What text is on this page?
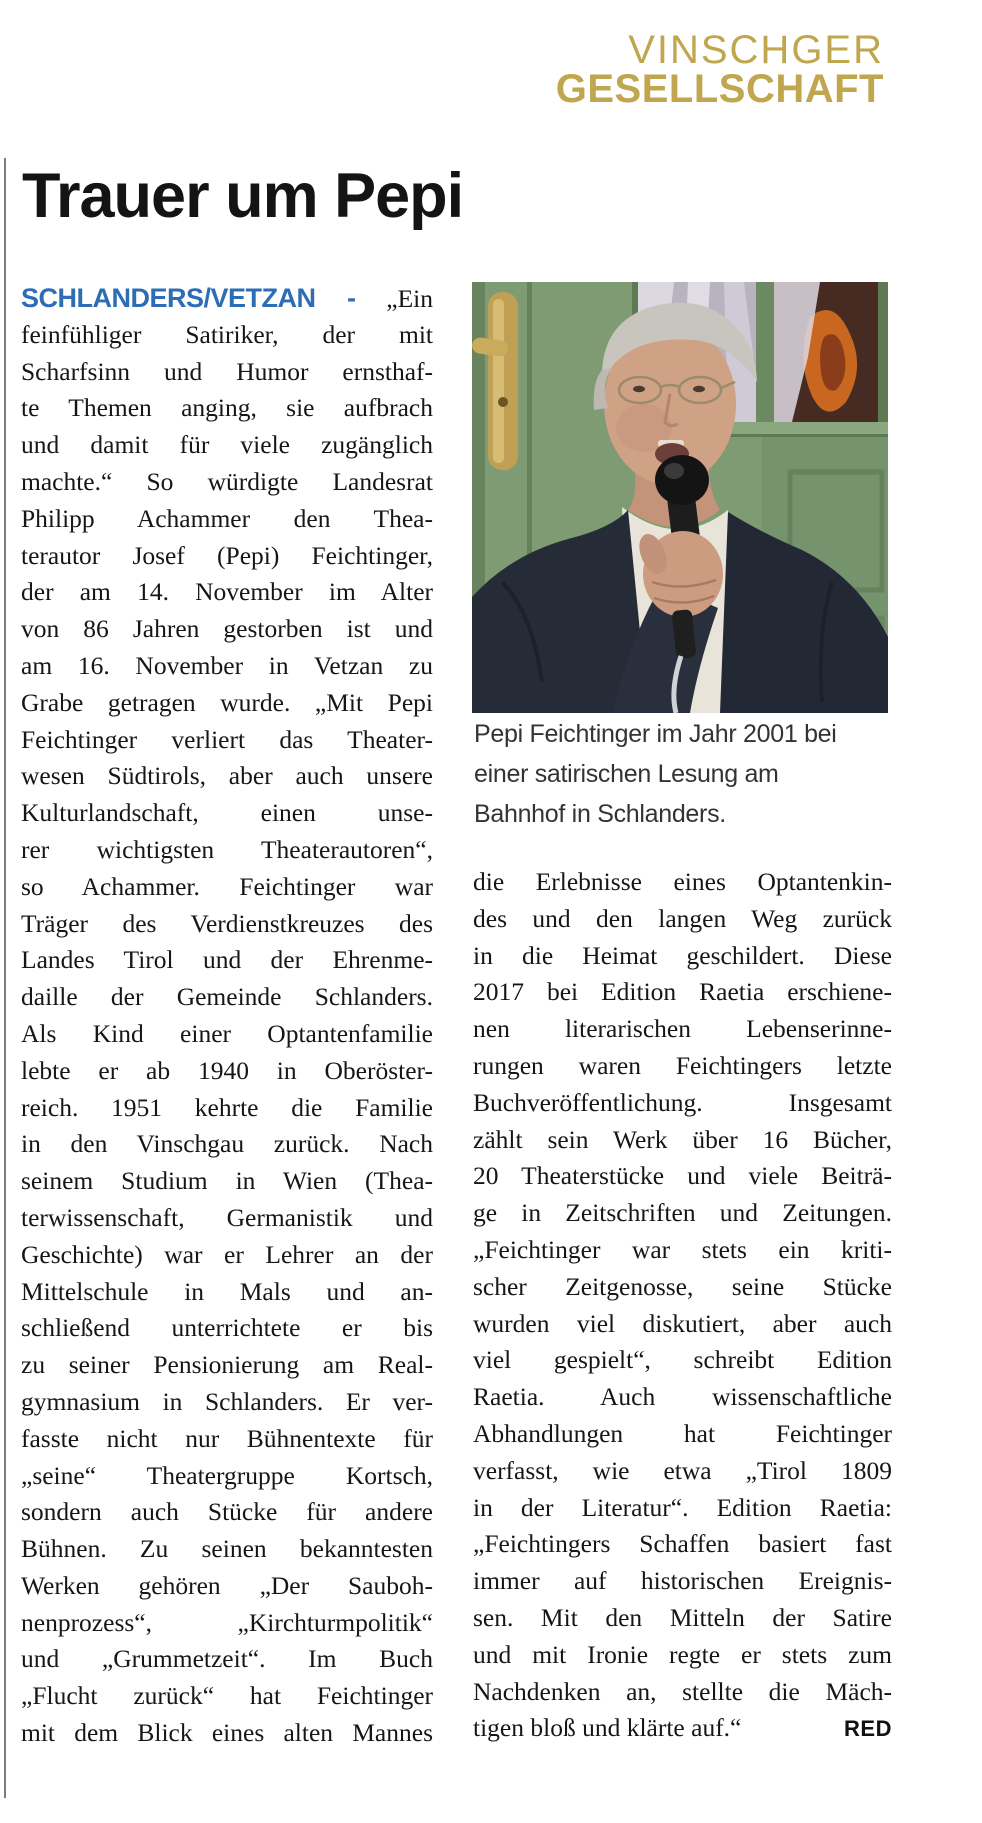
VINSCHGER
GESELLSCHAFT
Trauer um Pepi
SCHLANDERS/VETZAN - „Ein
feinfühliger Satiriker, der mit
Scharfsinn und Humor ernsthaf-
te Themen anging, sie aufbrach
und damit für viele zugänglich
machte.“ So würdigte Landesrat
Philipp Achammer den Thea-
terautor Josef (Pepi) Feichtinger,
der am 14. November im Alter
von 86 Jahren gestorben ist und
am 16. November in Vetzan zu
Grabe getragen wurde. „Mit Pepi
Feichtinger verliert das Theater-
wesen Südtirols, aber auch unsere
Kulturlandschaft, einen unse-
rer wichtigsten Theaterautoren“,
so Achammer. Feichtinger war
Träger des Verdienstkreuzes des
Landes Tirol und der Ehrenme-
daille der Gemeinde Schlanders.
Als Kind einer Optantenfamilie
lebte er ab 1940 in Oberöster-
reich. 1951 kehrte die Familie
in den Vinschgau zurück. Nach
seinem Studium in Wien (Thea-
terwissenschaft, Germanistik und
Geschichte) war er Lehrer an der
Mittelschule in Mals und an-
schließend unterrichtete er bis
zu seiner Pensionierung am Real-
gymnasium in Schlanders. Er ver-
fasste nicht nur Bühnentexte für
„seine“ Theatergruppe Kortsch,
sondern auch Stücke für andere
Bühnen. Zu seinen bekanntesten
Werken gehören „Der Sauboh-
nenprozess“, „Kirchturmpolitik“
und „Grummetzeit“. Im Buch
„Flucht zurück“ hat Feichtinger
mit dem Blick eines alten Mannes
Pepi Feichtinger im Jahr 2001 bei
einer satirischen Lesung am
Bahnhof in Schlanders.
die Erlebnisse eines Optantenkin-
des und den langen Weg zurück
in die Heimat geschildert. Diese
2017 bei Edition Raetia erschiene-
nen literarischen Lebenserinne-
rungen waren Feichtingers letzte
Buchveröffentlichung. Insgesamt
zählt sein Werk über 16 Bücher,
20 Theaterstücke und viele Beiträ-
ge in Zeitschriften und Zeitungen.
„Feichtinger war stets ein kriti-
scher Zeitgenosse, seine Stücke
wurden viel diskutiert, aber auch
viel gespielt“, schreibt Edition
Raetia. Auch wissenschaftliche
Abhandlungen hat Feichtinger
verfasst, wie etwa „Tirol 1809
in der Literatur“. Edition Raetia:
„Feichtingers Schaffen basiert fast
immer auf historischen Ereignis-
sen. Mit den Mitteln der Satire
und mit Ironie regte er stets zum
Nachdenken an, stellte die Mäch-
tigen bloß und klärte auf.“	RED
